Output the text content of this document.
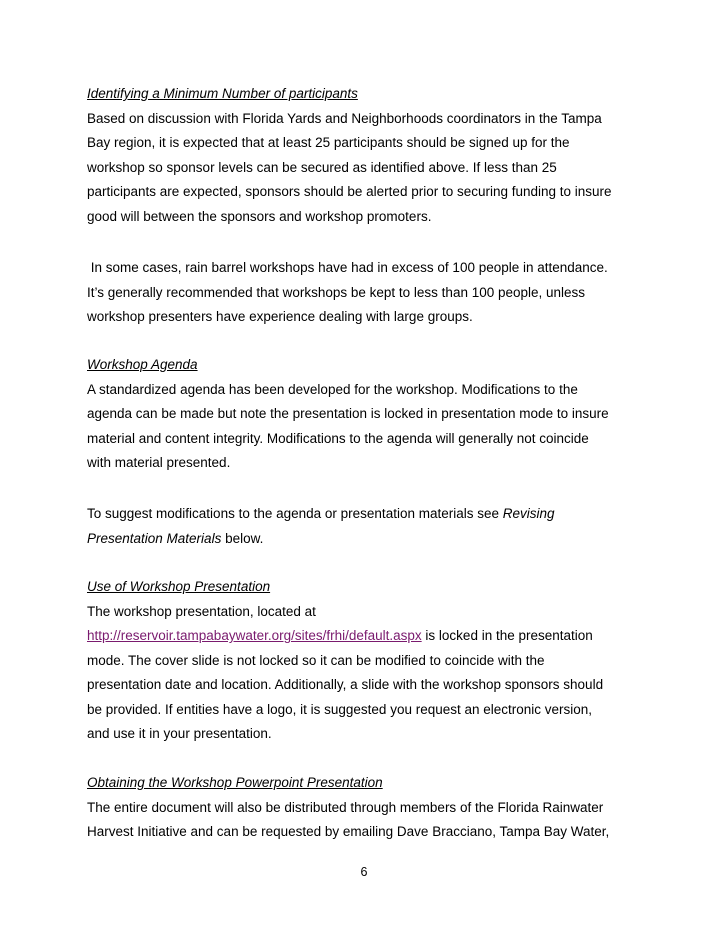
Identifying a Minimum Number of participants
Based on discussion with Florida Yards and Neighborhoods coordinators in the Tampa
Bay region, it is expected that at least 25 participants should be signed up for the
workshop so sponsor levels can be secured as identified above. If less than 25
participants are expected, sponsors should be alerted prior to securing funding to insure
good will between the sponsors and workshop promoters.
In some cases, rain barrel workshops have had in excess of 100 people in attendance.
It’s generally recommended that workshops be kept to less than 100 people, unless
workshop presenters have experience dealing with large groups.
Workshop Agenda
A standardized agenda has been developed for the workshop. Modifications to the
agenda can be made but note the presentation is locked in presentation mode to insure
material and content integrity. Modifications to the agenda will generally not coincide
with material presented.
To suggest modifications to the agenda or presentation materials see Revising
Presentation Materials below.
Use of Workshop Presentation
The workshop presentation, located at
http://reservoir.tampabaywater.org/sites/frhi/default.aspx is locked in the presentation
mode. The cover slide is not locked so it can be modified to coincide with the
presentation date and location. Additionally, a slide with the workshop sponsors should
be provided. If entities have a logo, it is suggested you request an electronic version,
and use it in your presentation.
Obtaining the Workshop Powerpoint Presentation
The entire document will also be distributed through members of the Florida Rainwater
Harvest Initiative and can be requested by emailing Dave Bracciano, Tampa Bay Water,
6
